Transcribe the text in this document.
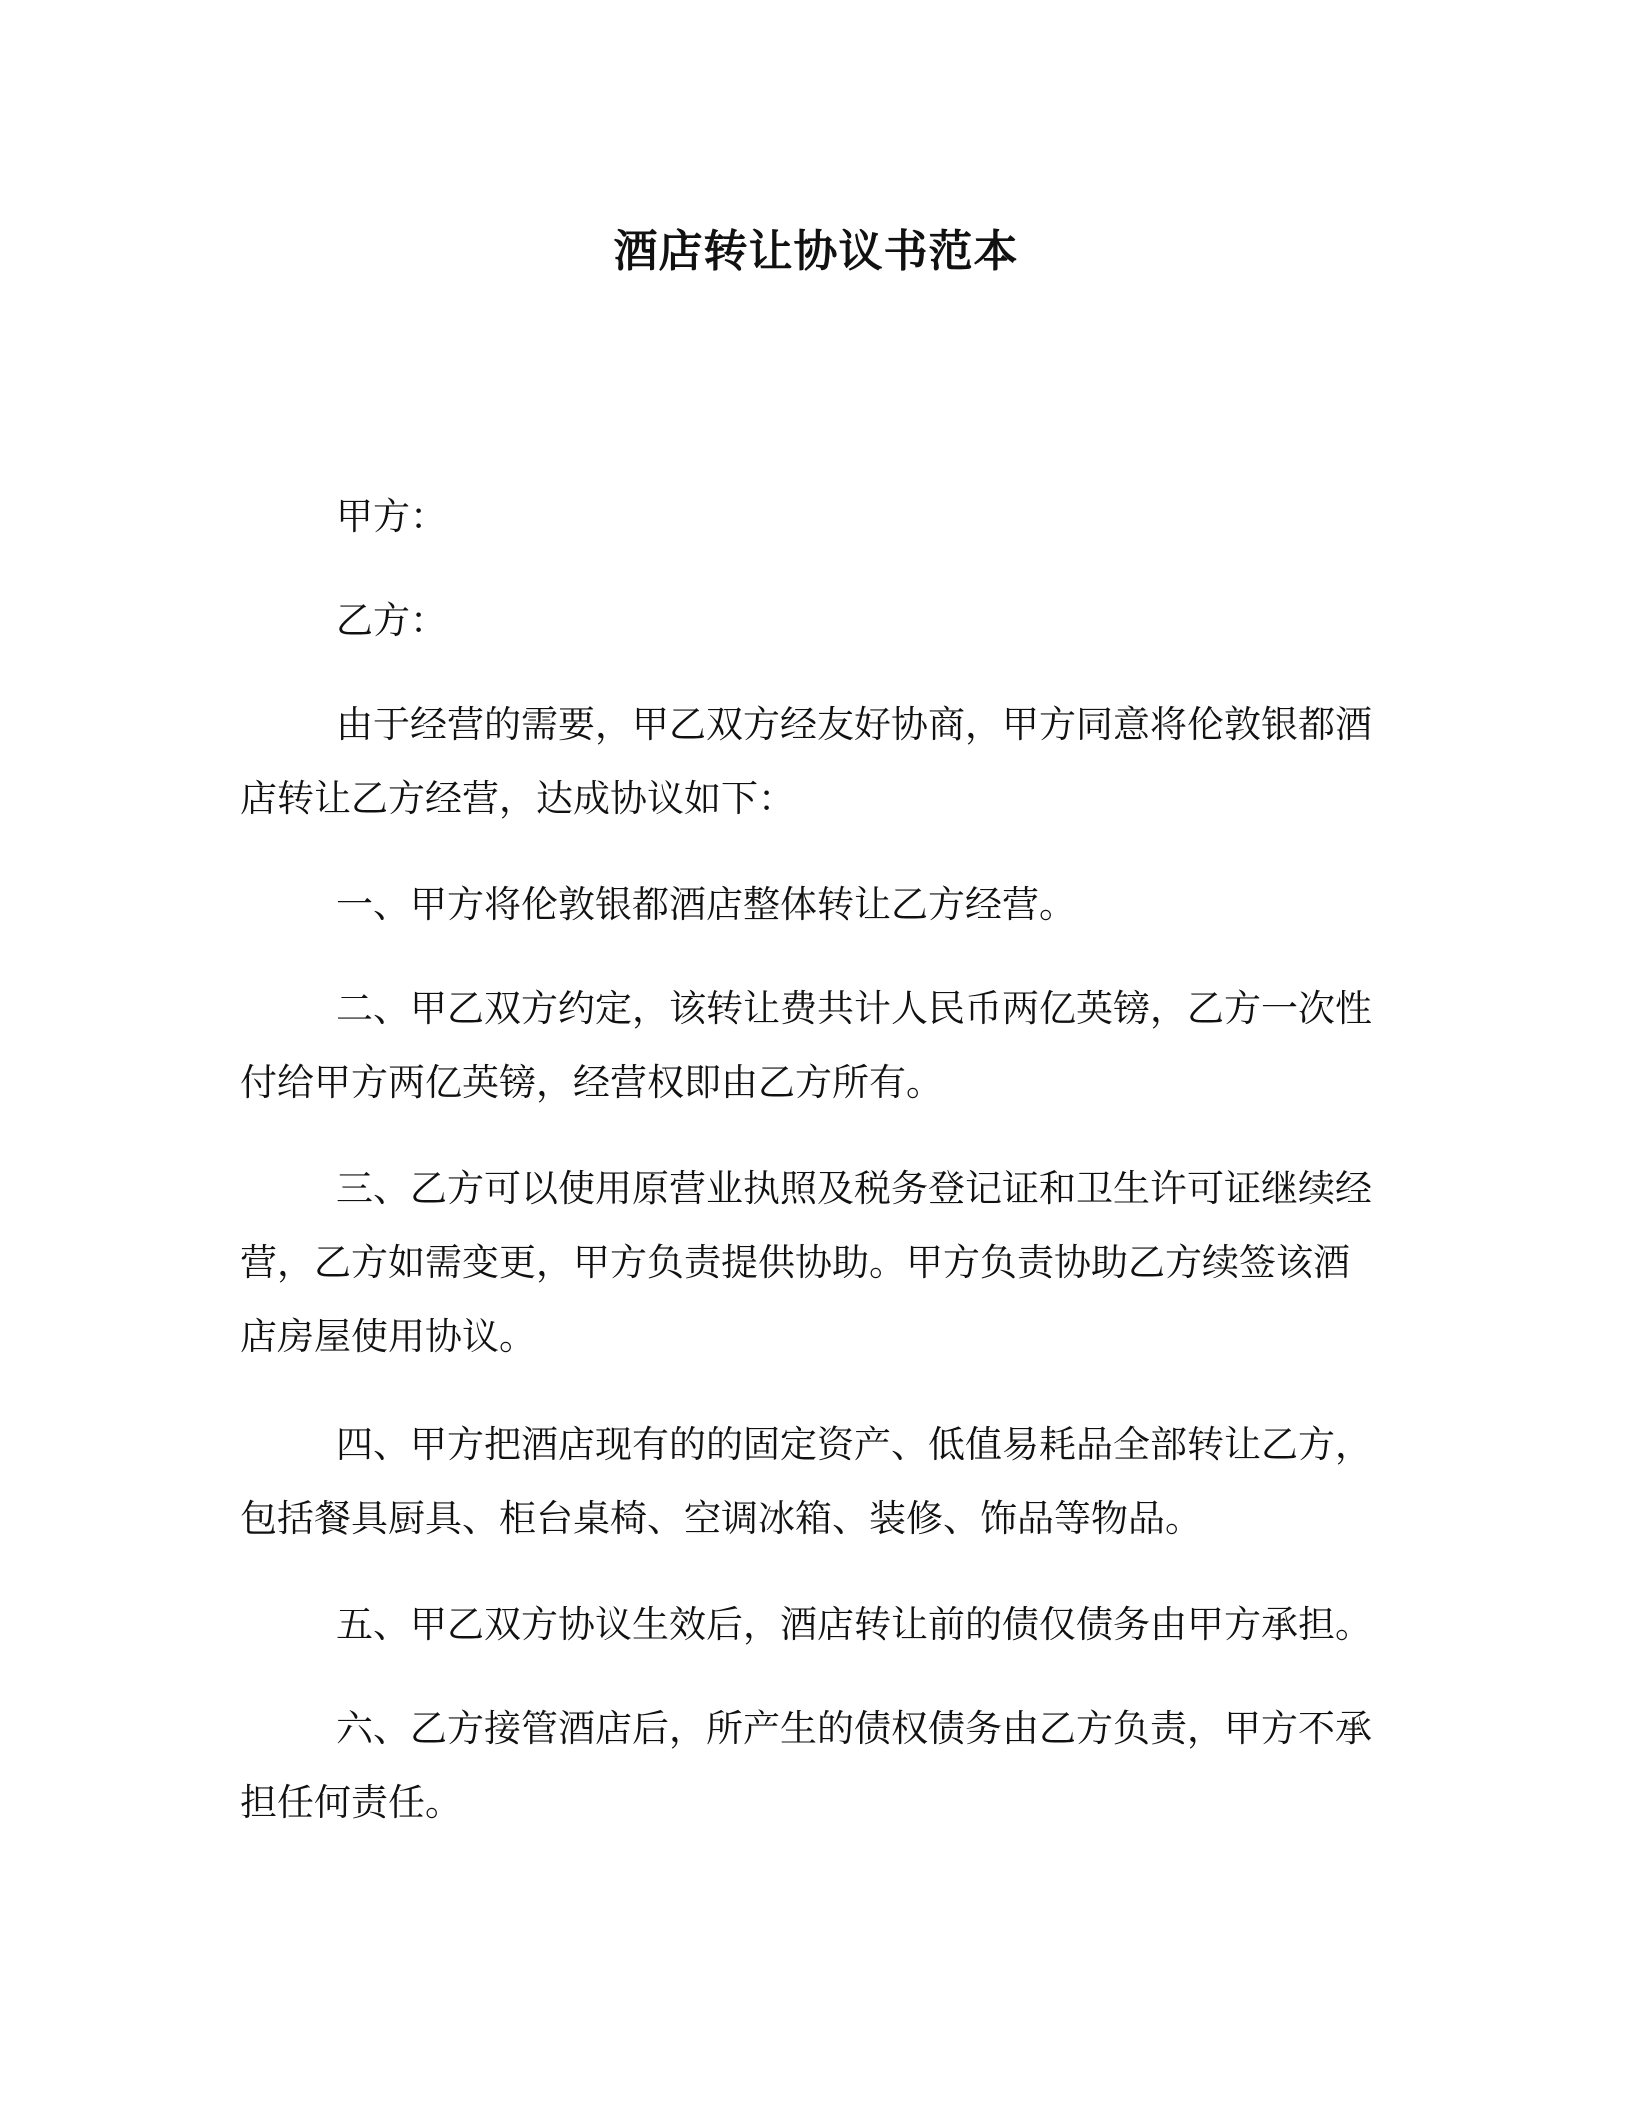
酒店转让协议书范本
甲方：
乙方：
由于经营的需要，甲乙双方经友好协商，甲方同意将伦敦银都酒店转让乙方经营，达成协议如下：
一、甲方将伦敦银都酒店整体转让乙方经营。
二、甲乙双方约定，该转让费共计人民币两亿英镑，乙方一次性付给甲方两亿英镑，经营权即由乙方所有。
三、乙方可以使用原营业执照及税务登记证和卫生许可证继续经营，乙方如需变更，甲方负责提供协助。甲方负责协助乙方续签该酒店房屋使用协议。
四、甲方把酒店现有的的固定资产、低值易耗品全部转让乙方，包括餐具厨具、柜台桌椅、空调冰箱、装修、饰品等物品。
五、甲乙双方协议生效后，酒店转让前的债仅债务由甲方承担。
六、乙方接管酒店后，所产生的债权债务由乙方负责，甲方不承担任何责任。
